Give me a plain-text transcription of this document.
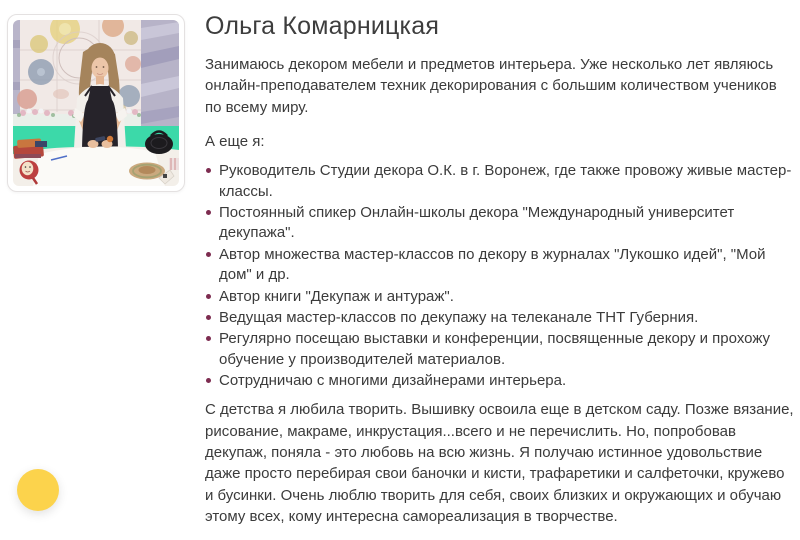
Ольга Комарницкая

Занимаюсь декором мебели и предметов интерьера. Уже несколько лет являюсь онлайн-преподавателем техник декорирования с большим количеством учеников по всему миру.

А еще я:

Руководитель Студии декора О.К. в г. Воронеж, где также провожу живые мастер-классы.
Постоянный спикер Онлайн-школы декора "Международный университет декупажа".
Автор множества мастер-классов по декору в журналах "Лукошко идей", "Мой дом" и др.
Автор книги "Декупаж и антураж".
Ведущая мастер-классов по декупажу на телеканале ТНТ Губерния.
Регулярно посещаю выставки и конференции, посвященные декору и прохожу обучение у производителей материалов.
Сотрудничаю с многими дизайнерами интерьера.

С детства я любила творить. Вышивку освоила еще в детском саду. Позже вязание, рисование, макраме, инкрустация...всего и не перечислить. Но, попробовав декупаж, поняла - это любовь на всю жизнь. Я получаю истинное удовольствие даже просто перебирая свои баночки и кисти, трафаретики и салфеточки, кружево и бусинки. Очень люблю творить для себя, своих близких и окружающих и обучаю этому всех, кому интересна самореализация в творчестве.
